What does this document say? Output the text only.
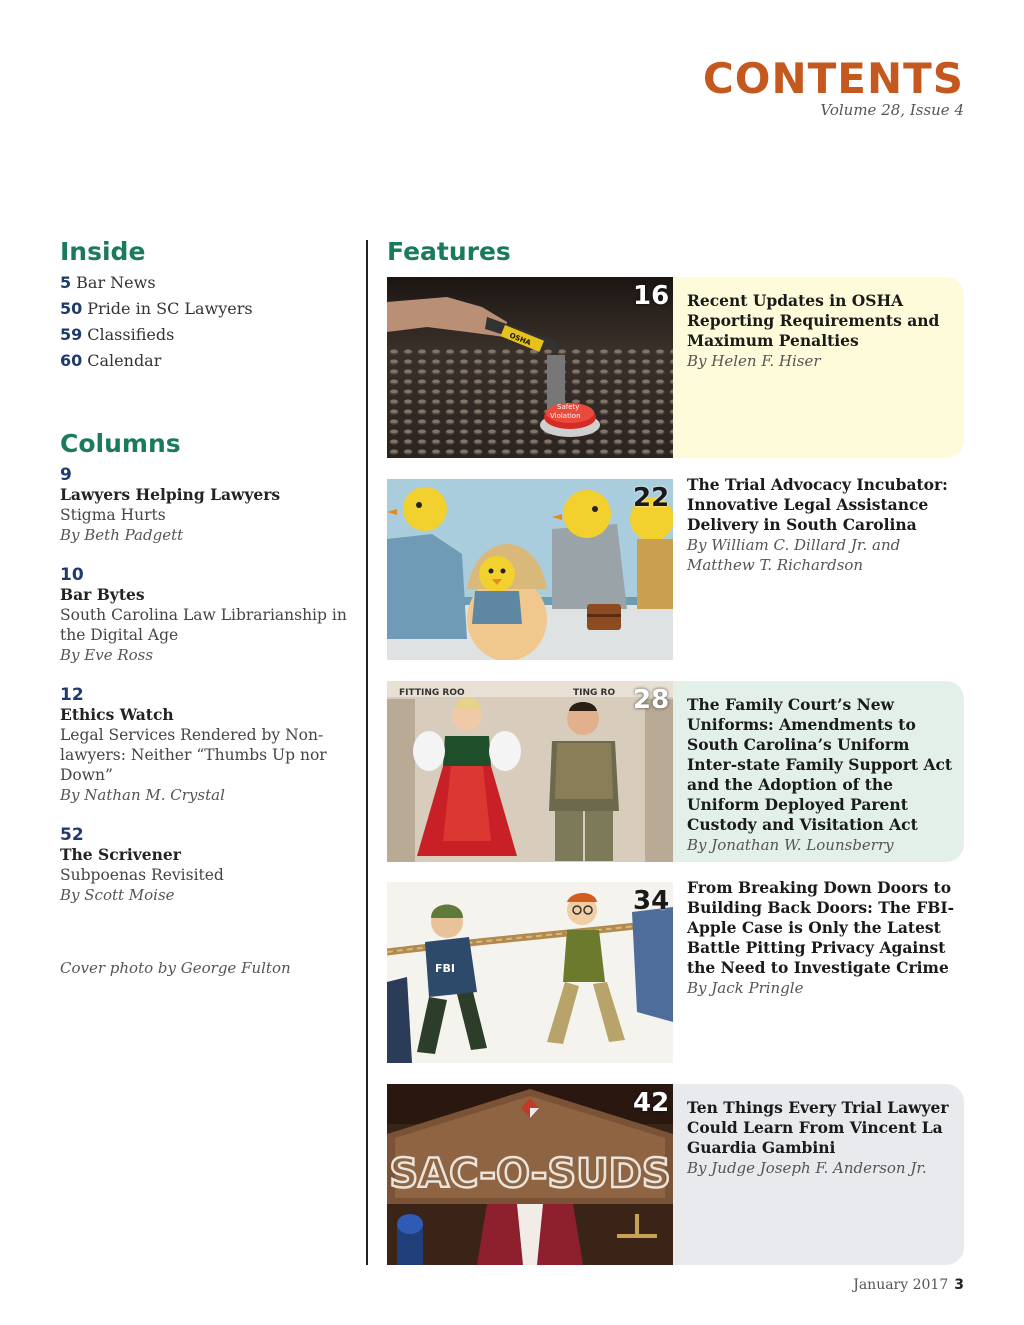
CONTENTS
Volume 28, Issue 4
Inside
5 Bar News
50 Pride in SC Lawyers
59 Classifieds
60 Calendar
Columns
9
Lawyers Helping Lawyers
Stigma Hurts
By Beth Padgett
10
Bar Bytes
South Carolina Law Librarianship in the Digital Age
By Eve Ross
12
Ethics Watch
Legal Services Rendered by Non-lawyers: Neither “Thumbs Up nor Down”
By Nathan M. Crystal
52
The Scrivener
Subpoenas Revisited
By Scott Moise
Cover photo by George Fulton
Features
OSHA
Safety
Violation
16 Recent Updates in OSHA Reporting Requirements and Maximum Penalties
By Helen F. Hiser
22 The Trial Advocacy Incubator: Innovative Legal Assistance Delivery in South Carolina
By William C. Dillard Jr. and Matthew T. Richardson
FITTING ROO	TING RO 28 The Family Court’s New Uniforms: Amendments to South Carolina’s Uniform Inter-state Family Support Act and the Adoption of the Uniform Deployed Parent Custody and Visitation Act
By Jonathan W. Lounsberry
FBI
34 From Breaking Down Doors to Building Back Doors: The FBI-Apple Case is Only the Latest Battle Pitting Privacy Against the Need to Investigate Crime
By Jack Pringle
SAC-O-SUDS
42 Ten Things Every Trial Lawyer Could Learn From Vincent La Guardia Gambini
By Judge Joseph F. Anderson Jr.
January 2017 3
